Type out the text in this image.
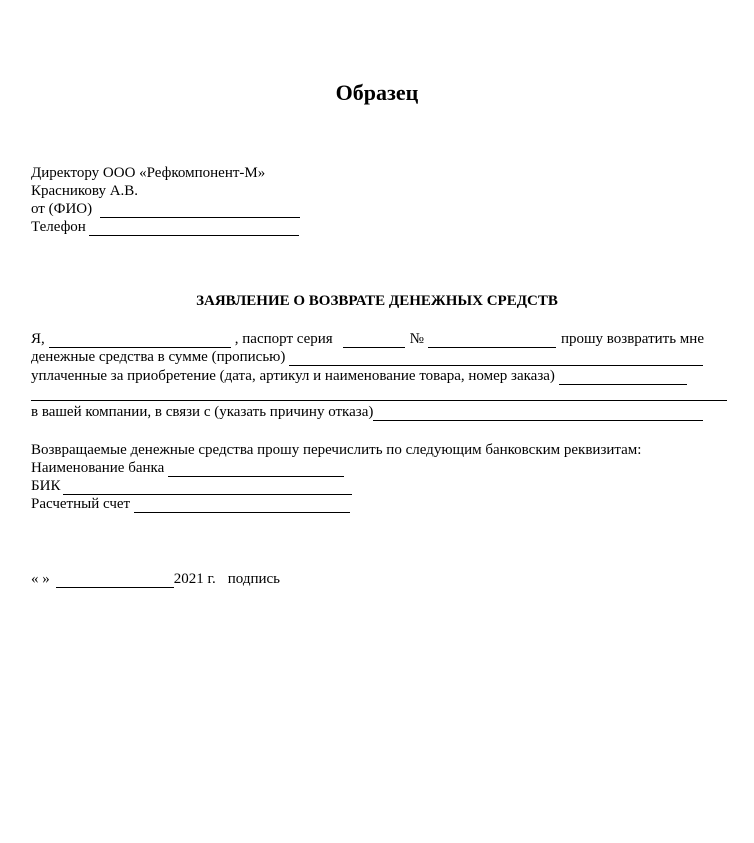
Образец
Директору ООО «Рефкомпонент-М»
Красникову А.В.
от (ФИО)
Телефон
ЗАЯВЛЕНИЕ О ВОЗВРАТЕ ДЕНЕЖНЫХ СРЕДСТВ
Я,	, паспорт серия	№	прошу возвратить мне
денежные средства в сумме (прописью)
уплаченные за приобретение (дата, артикул и наименование товара, номер заказа)
в вашей компании, в связи с (указать причину отказа)
Возвращаемые денежные средства прошу перечислить по следующим банковским реквизитам:
Наименование банка
БИК
Расчетный счет
« »	2021 г. подпись
